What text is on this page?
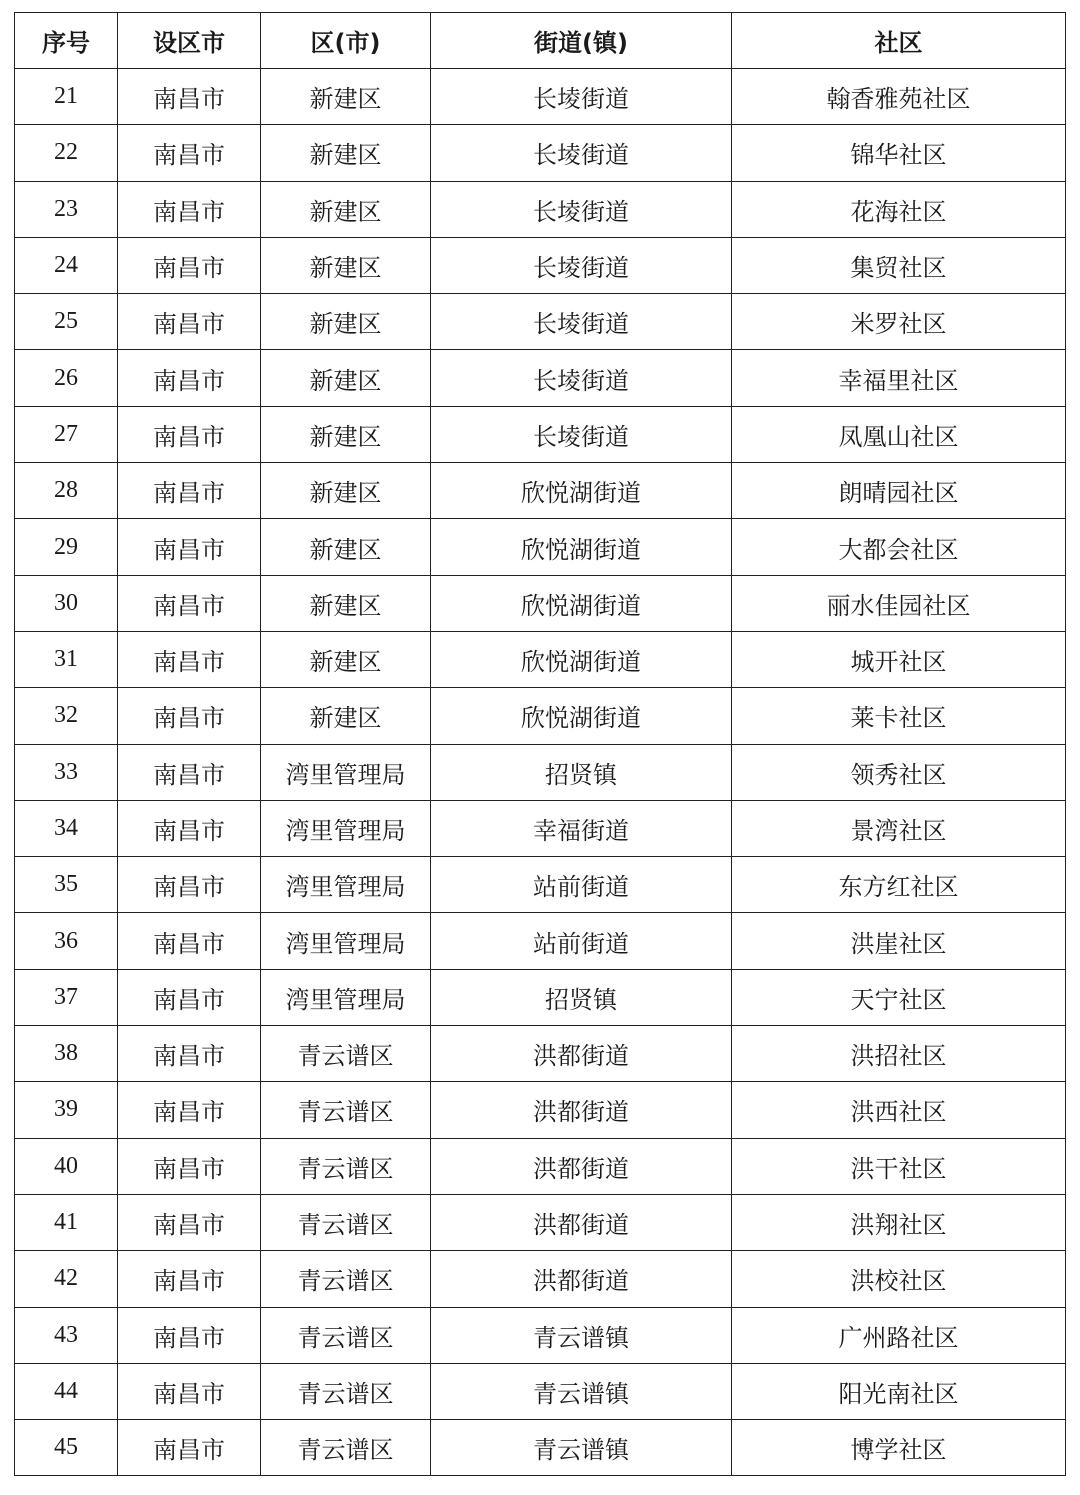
序号	设区市	区(市)	街道(镇)	社区
21	南昌市	新建区	长堎街道	翰香雅苑社区
22	南昌市	新建区	长堎街道	锦华社区
23	南昌市	新建区	长堎街道	花海社区
24	南昌市	新建区	长堎街道	集贸社区
25	南昌市	新建区	长堎街道	米罗社区
26	南昌市	新建区	长堎街道	幸福里社区
27	南昌市	新建区	长堎街道	凤凰山社区
28	南昌市	新建区	欣悦湖街道	朗晴园社区
29	南昌市	新建区	欣悦湖街道	大都会社区
30	南昌市	新建区	欣悦湖街道	丽水佳园社区
31	南昌市	新建区	欣悦湖街道	城开社区
32	南昌市	新建区	欣悦湖街道	莱卡社区
33	南昌市	湾里管理局	招贤镇	领秀社区
34	南昌市	湾里管理局	幸福街道	景湾社区
35	南昌市	湾里管理局	站前街道	东方红社区
36	南昌市	湾里管理局	站前街道	洪崖社区
37	南昌市	湾里管理局	招贤镇	天宁社区
38	南昌市	青云谱区	洪都街道	洪招社区
39	南昌市	青云谱区	洪都街道	洪西社区
40	南昌市	青云谱区	洪都街道	洪干社区
41	南昌市	青云谱区	洪都街道	洪翔社区
42	南昌市	青云谱区	洪都街道	洪校社区
43	南昌市	青云谱区	青云谱镇	广州路社区
44	南昌市	青云谱区	青云谱镇	阳光南社区
45	南昌市	青云谱区	青云谱镇	博学社区
